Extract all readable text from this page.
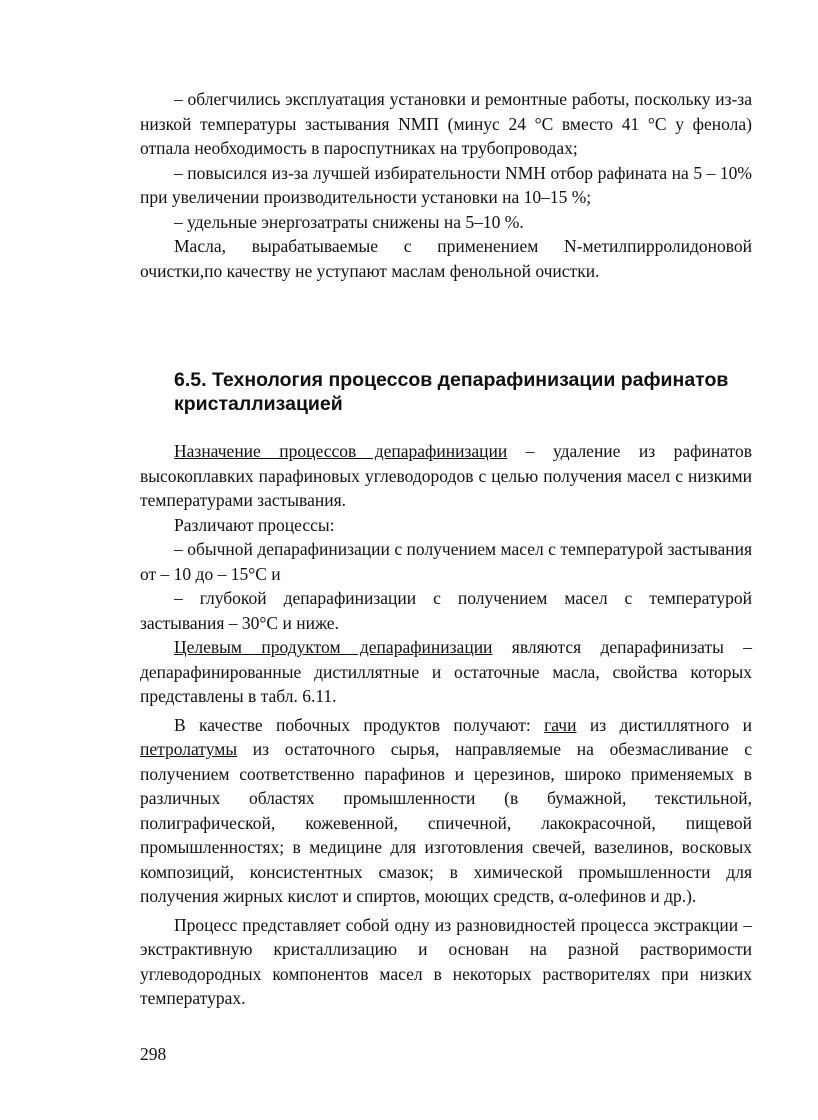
– облегчились эксплуатация установки и ремонтные работы, поскольку из-за низкой температуры застывания NМП (минус 24 °С вместо 41 °С у фенола) отпала необходимость в пароспутниках на трубопроводах;

– повысился из-за лучшей избирательности NМН отбор рафината на 5 – 10% при увеличении производительности установки на 10–15 %;

– удельные энергозатраты снижены на 5–10 %.

Масла, вырабатываемые с применением N-метилпирролидоновой очистки,по качеству не уступают маслам фенольной очистки.

6.5. Технология процессов депарафинизации рафинатов кристаллизацией

Назначение процессов депарафинизации – удаление из рафинатов высокоплавких парафиновых углеводородов с целью получения масел с низкими температурами застывания.

Различают процессы:

– обычной депарафинизации с получением масел с температурой застывания от – 10 до – 15°С и

– глубокой депарафинизации с получением масел с температурой застывания – 30°С и ниже.

Целевым продуктом депарафинизации являются депарафинизаты –депарафинированные дистиллятные и остаточные масла, свойства которых представлены в табл. 6.11.

В качестве побочных продуктов получают: гачи из дистиллятного и петролатумы из остаточного сырья, направляемые на обезмасливание с получением соответственно парафинов и церезинов, широко применяемых в различных областях промышленности (в бумажной, текстильной, полиграфической, кожевенной, спичечной, лакокрасочной, пищевой промышленностях; в медицине для изготовления свечей, вазелинов, восковых композиций, консистентных смазок; в химической промышленности для получения жирных кислот и спиртов, моющих средств, α-олефинов и др.).

Процесс представляет собой одну из разновидностей процесса экстракции – экстрактивную кристаллизацию и основан на разной растворимости углеводородных компонентов масел в некоторых растворителях при низких температурах.

298
